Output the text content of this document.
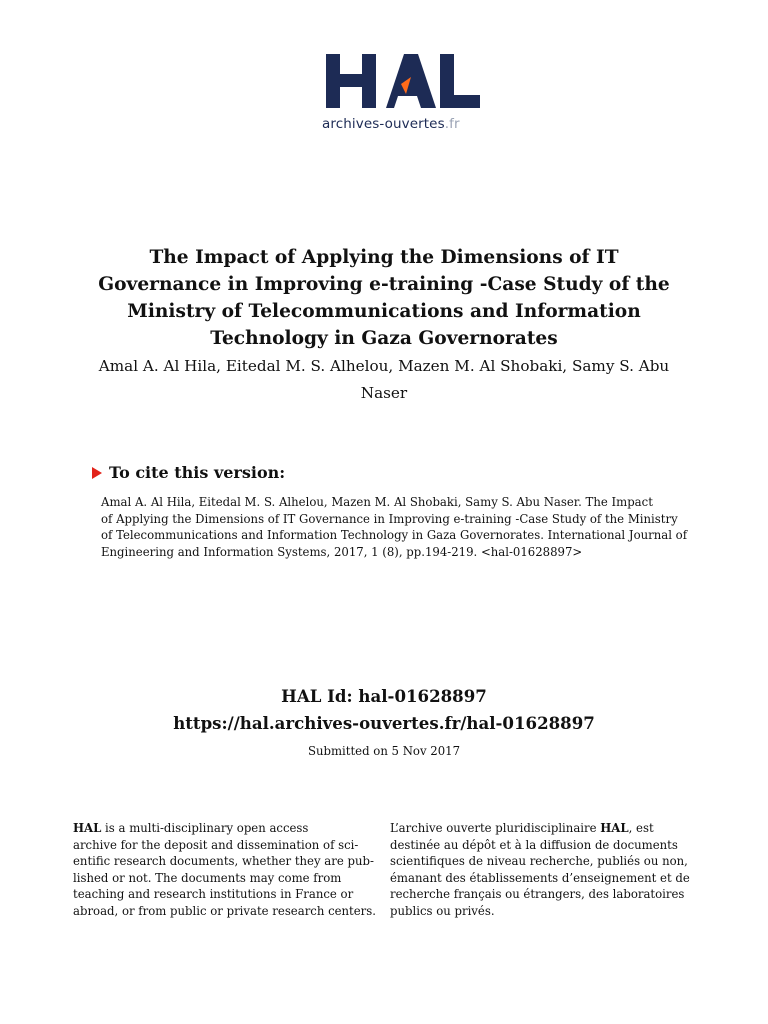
archives-ouvertes.fr
The Impact of Applying the Dimensions of IT
Governance in Improving e-training -Case Study of the
Ministry of Telecommunications and Information
Technology in Gaza Governorates
Amal A. Al Hila, Eitedal M. S. Alhelou, Mazen M. Al Shobaki, Samy S. Abu
Naser
To cite this version:
Amal A. Al Hila, Eitedal M. S. Alhelou, Mazen M. Al Shobaki, Samy S. Abu Naser. The Impact
of Applying the Dimensions of IT Governance in Improving e-training -Case Study of the Ministry
of Telecommunications and Information Technology in Gaza Governorates. International Journal of
Engineering and Information Systems, 2017, 1 (8), pp.194-219. <hal-01628897>
HAL Id: hal-01628897
https://hal.archives-ouvertes.fr/hal-01628897
Submitted on 5 Nov 2017
HAL is a multi-disciplinary open access
archive for the deposit and dissemination of sci-
entific research documents, whether they are pub-
lished or not. The documents may come from
teaching and research institutions in France or
abroad, or from public or private research centers.
L’archive ouverte pluridisciplinaire HAL, est
destinée au dépôt et à la diffusion de documents
scientifiques de niveau recherche, publiés ou non,
émanant des établissements d’enseignement et de
recherche français ou étrangers, des laboratoires
publics ou privés.
